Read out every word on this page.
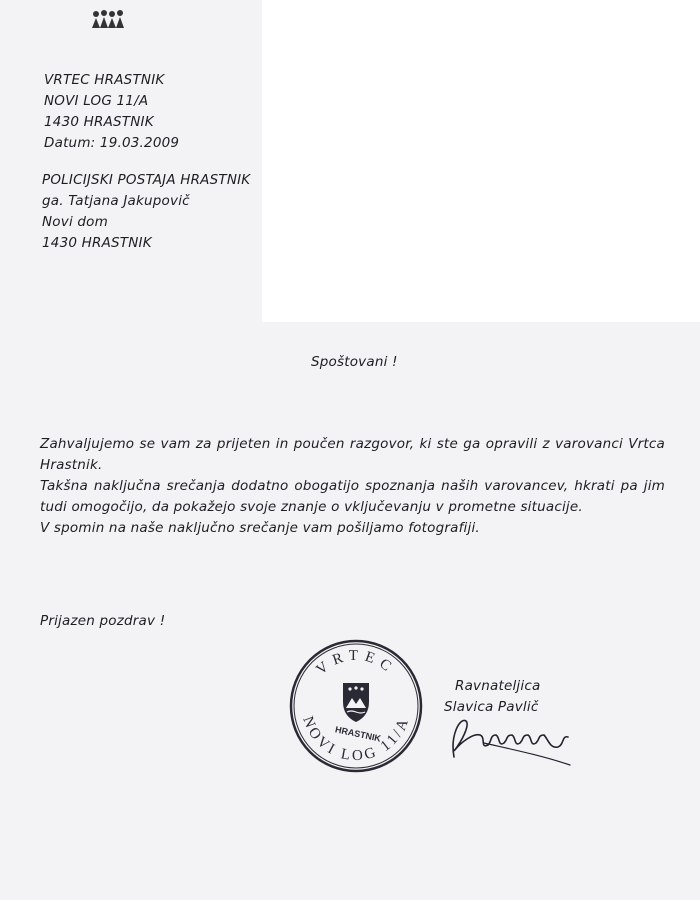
VRTEC HRASTNIK
NOVI LOG 11/A
1430 HRASTNIK
Datum: 19.03.2009
POLICIJSKI POSTAJA HRASTNIK
ga. Tatjana Jakupovič
Novi dom
1430 HRASTNIK
Spoštovani !

Zahvaljujemo se vam za prijeten in poučen razgovor, ki ste ga opravili z varovanci Vrtca Hrastnik.

Takšna naključna srečanja dodatno obogatijo spoznanja naših varovancev, hkrati pa jim tudi omogočijo, da pokažejo svoje znanje o vključevanju v prometne situacije.

V spomin na naše naključno srečanje vam pošiljamo fotografiji.

Prijazen pozdrav !
VRTEC
NOVI LOG 11/A
HRASTNIK
Ravnateljica
Slavica Pavlič
